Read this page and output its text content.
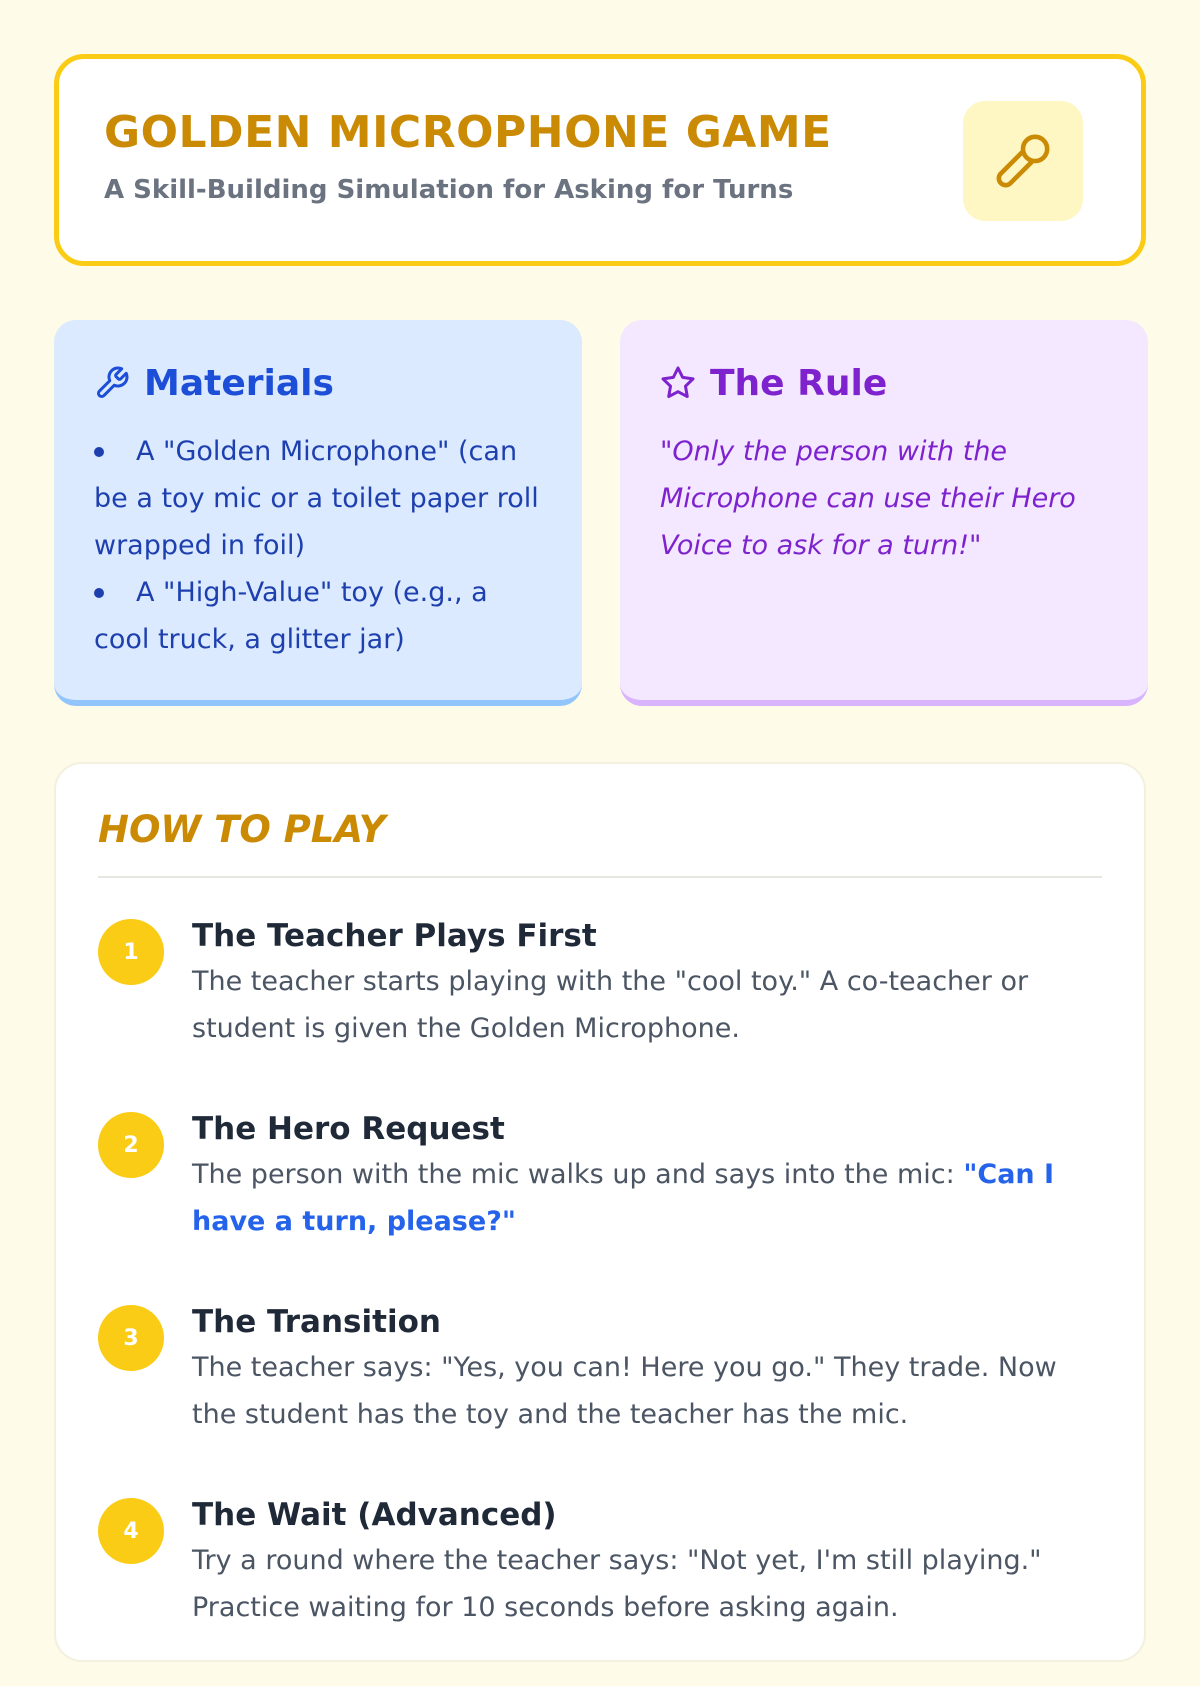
GOLDEN MICROPHONE GAME
A Skill-Building Simulation for Asking for Turns
Materials
A "Golden Microphone" (can be a toy mic or a toilet paper roll wrapped in foil)
A "High-Value" toy (e.g., a cool truck, a glitter jar)
The Rule

"Only the person with the Microphone can use their Hero Voice to ask for a turn!"

HOW TO PLAY
1	The Teacher Plays First
The teacher starts playing with the "cool toy." A co-teacher or student is given the Golden Microphone.
2	The Hero Request
The person with the mic walks up and says into the mic: "Can I have a turn, please?"
3	The Transition
The teacher says: "Yes, you can! Here you go." They trade. Now the student has the toy and the teacher has the mic.
4	The Wait (Advanced)
Try a round where the teacher says: "Not yet, I'm still playing." Practice waiting for 10 seconds before asking again.
